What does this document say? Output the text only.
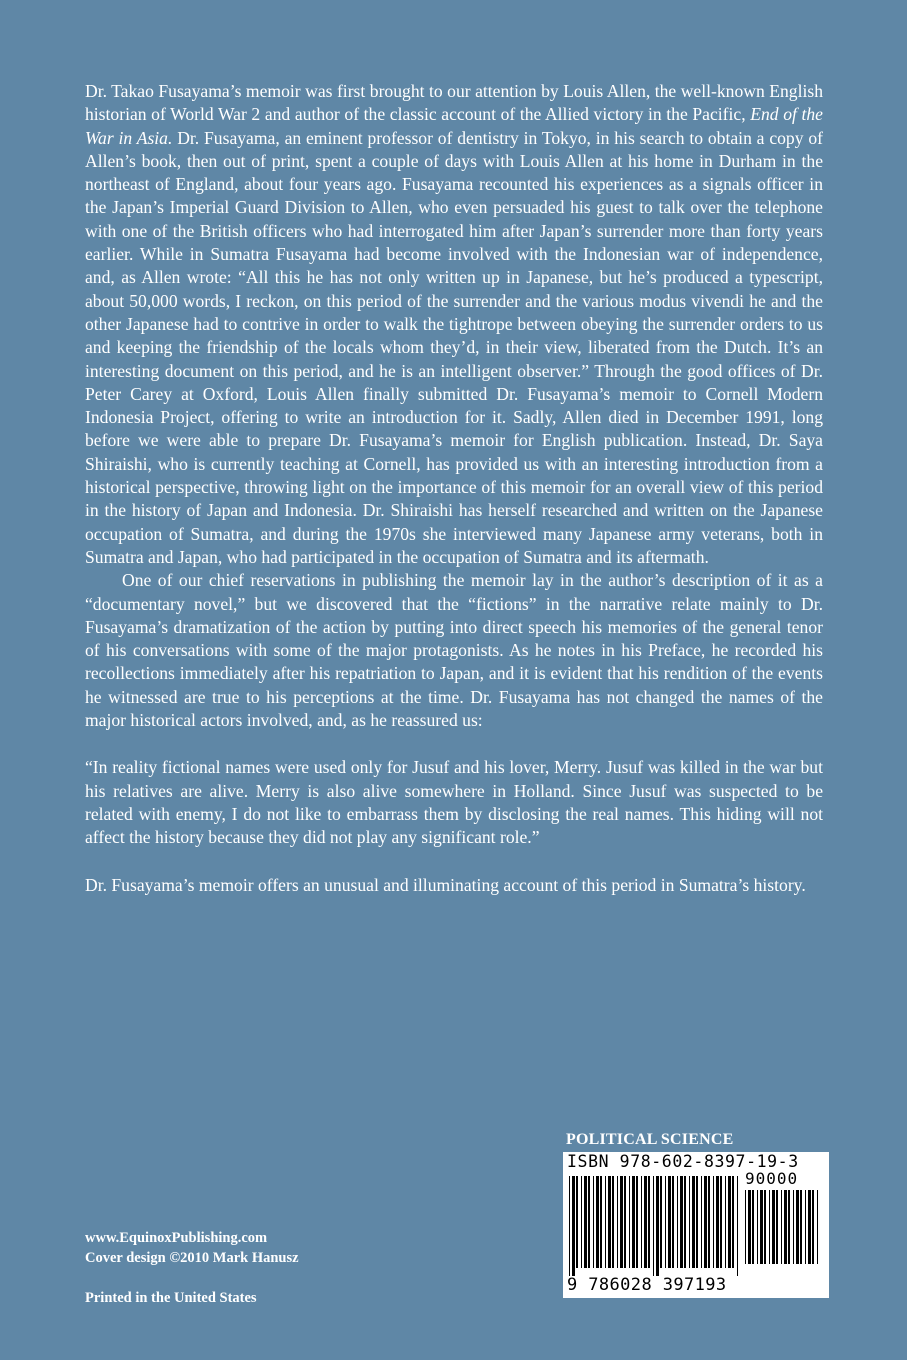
Dr. Takao Fusayama’s memoir was first brought to our attention by Louis Allen, the well-known English historian of World War 2 and author of the classic account of the Allied victory in the Pacific, End of the War in Asia. Dr. Fusayama, an eminent professor of dentistry in Tokyo, in his search to obtain a copy of Allen’s book, then out of print, spent a couple of days with Louis Allen at his home in Durham in the northeast of England, about four years ago. Fusayama recounted his experiences as a signals officer in the Japan’s Imperial Guard Division to Allen, who even persuaded his guest to talk over the telephone with one of the British officers who had interrogated him after Japan’s surrender more than forty years earlier. While in Sumatra Fusayama had become involved with the Indonesian war of independence, and, as Allen wrote: “All this he has not only written up in Japanese, but he’s produced a typescript, about 50,000 words, I reckon, on this period of the surrender and the various modus vivendi he and the other Japanese had to contrive in order to walk the tightrope between obeying the surrender orders to us and keeping the friendship of the locals whom they’d, in their view, liberated from the Dutch. It’s an interesting document on this period, and he is an intelligent observer.” Through the good offices of Dr. Peter Carey at Oxford, Louis Allen finally submitted Dr. Fusayama’s memoir to Cornell Modern Indonesia Project, offering to write an introduction for it. Sadly, Allen died in December 1991, long before we were able to prepare Dr. Fusayama’s memoir for English publication. Instead, Dr. Saya Shiraishi, who is currently teaching at Cornell, has provided us with an interesting introduction from a historical perspective, throwing light on the importance of this memoir for an overall view of this period in the history of Japan and Indonesia. Dr. Shiraishi has herself researched and written on the Japanese occupation of Sumatra, and during the 1970s she interviewed many Japanese army veterans, both in Sumatra and Japan, who had participated in the occupation of Sumatra and its aftermath.

One of our chief reservations in publishing the memoir lay in the author’s description of it as a “documentary novel,” but we discovered that the “fictions” in the narrative relate mainly to Dr. Fusayama’s dramatization of the action by putting into direct speech his memories of the general tenor of his conversations with some of the major protagonists. As he notes in his Preface, he recorded his recollections immediately after his repatriation to Japan, and it is evident that his rendition of the events he witnessed are true to his perceptions at the time. Dr. Fusayama has not changed the names of the major historical actors involved, and, as he reassured us:

“In reality fictional names were used only for Jusuf and his lover, Merry. Jusuf was killed in the war but his relatives are alive. Merry is also alive somewhere in Holland. Since Jusuf was suspected to be related with enemy, I do not like to embarrass them by disclosing the real names. This hiding will not affect the history because they did not play any significant role.”

Dr. Fusayama’s memoir offers an unusual and illuminating account of this period in Sumatra’s history.

POLITICAL SCIENCE
ISBN 978-602-8397-19-3
90000
9 786028 397193
www.EquinoxPublishing.com
Cover design ©2010 Mark Hanusz
Printed in the United States
